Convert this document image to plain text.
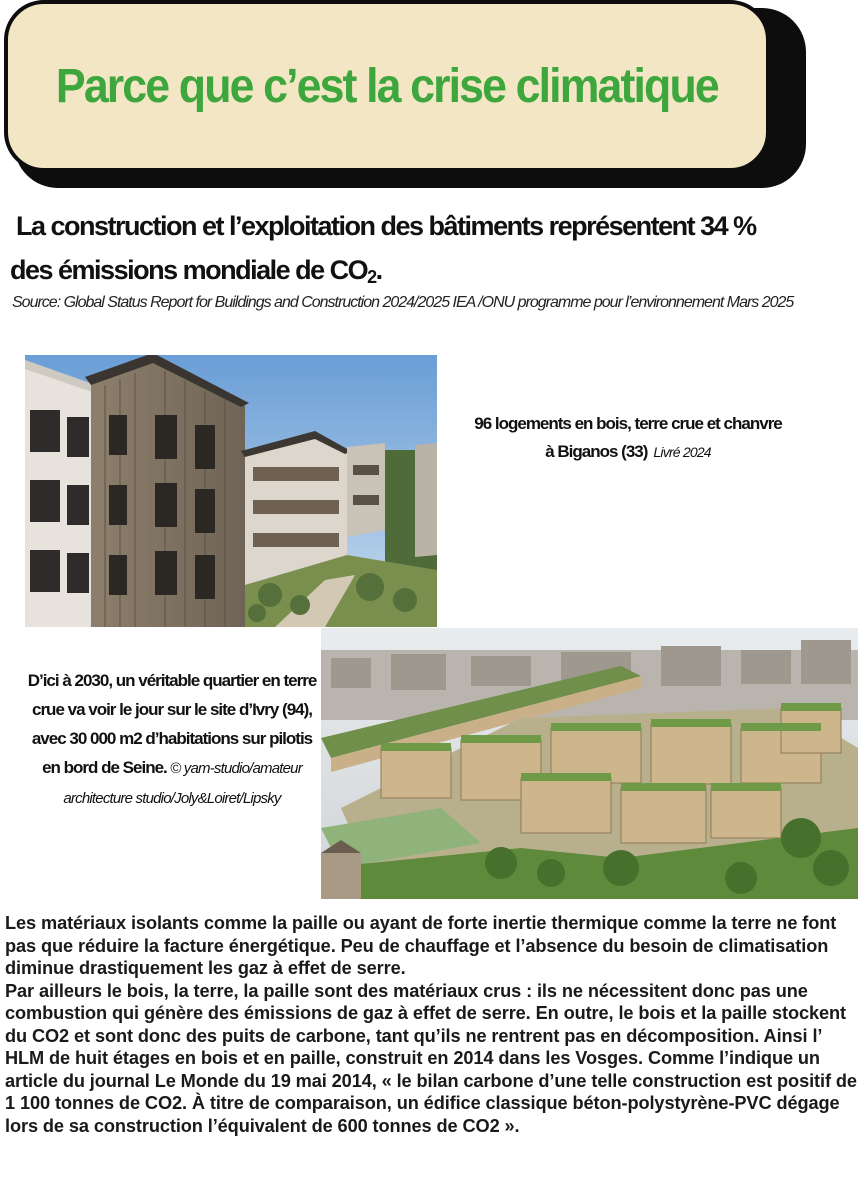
Parce que c’est la crise climatique
La construction et l’exploitation des bâtiments représentent 34 %
des émissions mondiale de $CO_2$.
Source: Global Status Report for Buildings and Construction 2024/2025 IEA /ONU programme pour l’environnement Mars 2025
96 logements en bois, terre crue et chanvre
à Biganos (33) Livré 2024
D’ici à 2030, un véritable quartier en terre crue va voir le jour sur le site d’Ivry (94), avec 30 000 m2 d’habitations sur pilotis en bord de Seine. © yam-studio/amateur architecture studio/Joly&Loiret/Lipsky

Les matériaux isolants comme la paille ou ayant de forte inertie thermique comme la terre ne font pas que réduire la facture énergétique. Peu de chauffage et l’absence du besoin de climatisation diminue drastiquement les gaz à effet de serre.

Par ailleurs le bois, la terre, la paille sont des matériaux crus : ils ne nécessitent donc pas une combustion qui génère des émissions de gaz à effet de serre. En outre, le bois et la paille stockent du CO2 et sont donc des puits de carbone, tant qu’ils ne rentrent pas en décomposition. Ainsi l’ HLM de huit étages en bois et en paille, construit en 2014 dans les Vosges. Comme l’indique un article du journal Le Monde du 19 mai 2014, « le bilan carbone d’une telle construction est positif de 1 100 tonnes de CO2. À titre de comparaison, un édifice classique béton-polystyrène-PVC dégage lors de sa construction l’équivalent de 600 tonnes de CO2 ».
